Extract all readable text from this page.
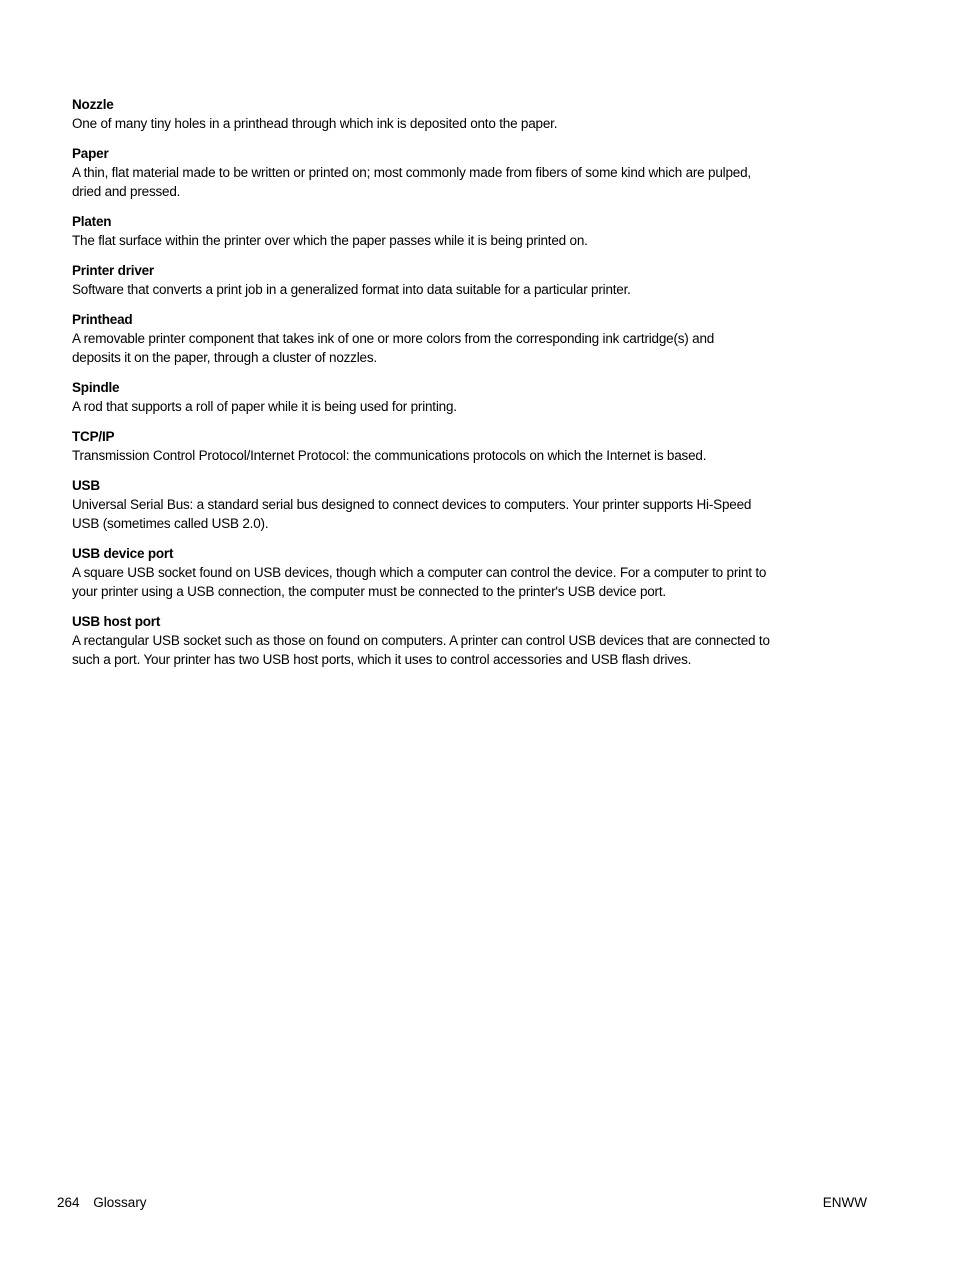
Nozzle
One of many tiny holes in a printhead through which ink is deposited onto the paper.
Paper
A thin, flat material made to be written or printed on; most commonly made from fibers of some kind which are pulped,
dried and pressed.
Platen
The flat surface within the printer over which the paper passes while it is being printed on.
Printer driver
Software that converts a print job in a generalized format into data suitable for a particular printer.
Printhead
A removable printer component that takes ink of one or more colors from the corresponding ink cartridge(s) and
deposits it on the paper, through a cluster of nozzles.
Spindle
A rod that supports a roll of paper while it is being used for printing.
TCP/IP
Transmission Control Protocol/Internet Protocol: the communications protocols on which the Internet is based.
USB
Universal Serial Bus: a standard serial bus designed to connect devices to computers. Your printer supports Hi-Speed
USB (sometimes called USB 2.0).
USB device port
A square USB socket found on USB devices, though which a computer can control the device. For a computer to print to
your printer using a USB connection, the computer must be connected to the printer's USB device port.
USB host port
A rectangular USB socket such as those on found on computers. A printer can control USB devices that are connected to
such a port. Your printer has two USB host ports, which it uses to control accessories and USB flash drives.
264 Glossary	ENWW
